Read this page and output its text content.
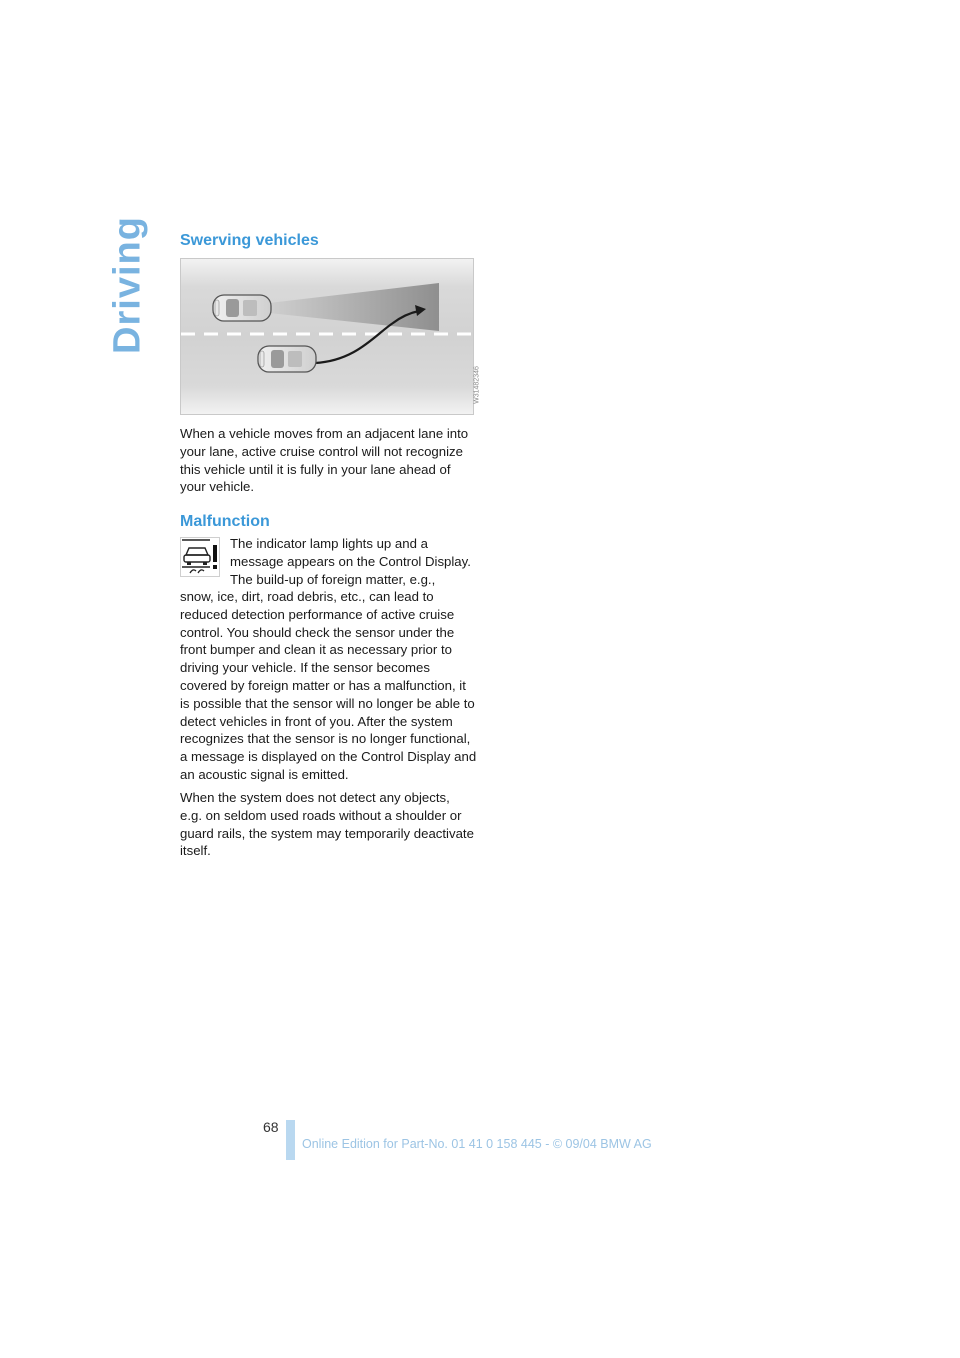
Driving Swerving vehicles
W31482346

When a vehicle moves from an adjacent lane into your lane, active cruise control will not recognize this vehicle until it is fully in your lane ahead of your vehicle.

Malfunction

The indicator lamp lights up and a message appears on the Control Display. The build-up of foreign matter, e.g.,

snow, ice, dirt, road debris, etc., can lead to reduced detection performance of active cruise control. You should check the sensor under the front bumper and clean it as necessary prior to driving your vehicle. If the sensor becomes covered by foreign matter or has a malfunction, it is possible that the sensor will no longer be able to detect vehicles in front of you. After the system recognizes that the sensor is no longer functional, a message is displayed on the Control Display and an acoustic signal is emitted.

When the system does not detect any objects, e.g. on seldom used roads without a shoulder or guard rails, the system may temporarily deactivate itself.

68
Online Edition for Part-No. 01 41 0 158 445 - © 09/04 BMW AG
